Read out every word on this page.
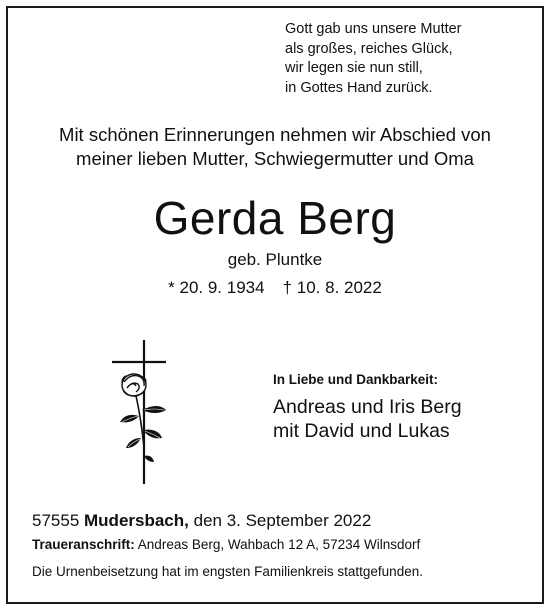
Gott gab uns unsere Mutter
als großes, reiches Glück,
wir legen sie nun still,
in Gottes Hand zurück.
Mit schönen Erinnerungen nehmen wir Abschied von
meiner lieben Mutter, Schwiegermutter und Oma
Gerda Berg
geb. Pluntke
* 20. 9. 1934 † 10. 8. 2022
In Liebe und Dankbarkeit:
Andreas und Iris Berg
mit David und Lukas
57555 Mudersbach, den 3. September 2022
Traueranschrift: Andreas Berg, Wahbach 12 A, 57234 Wilnsdorf
Die Urnenbeisetzung hat im engsten Familienkreis stattgefunden.
